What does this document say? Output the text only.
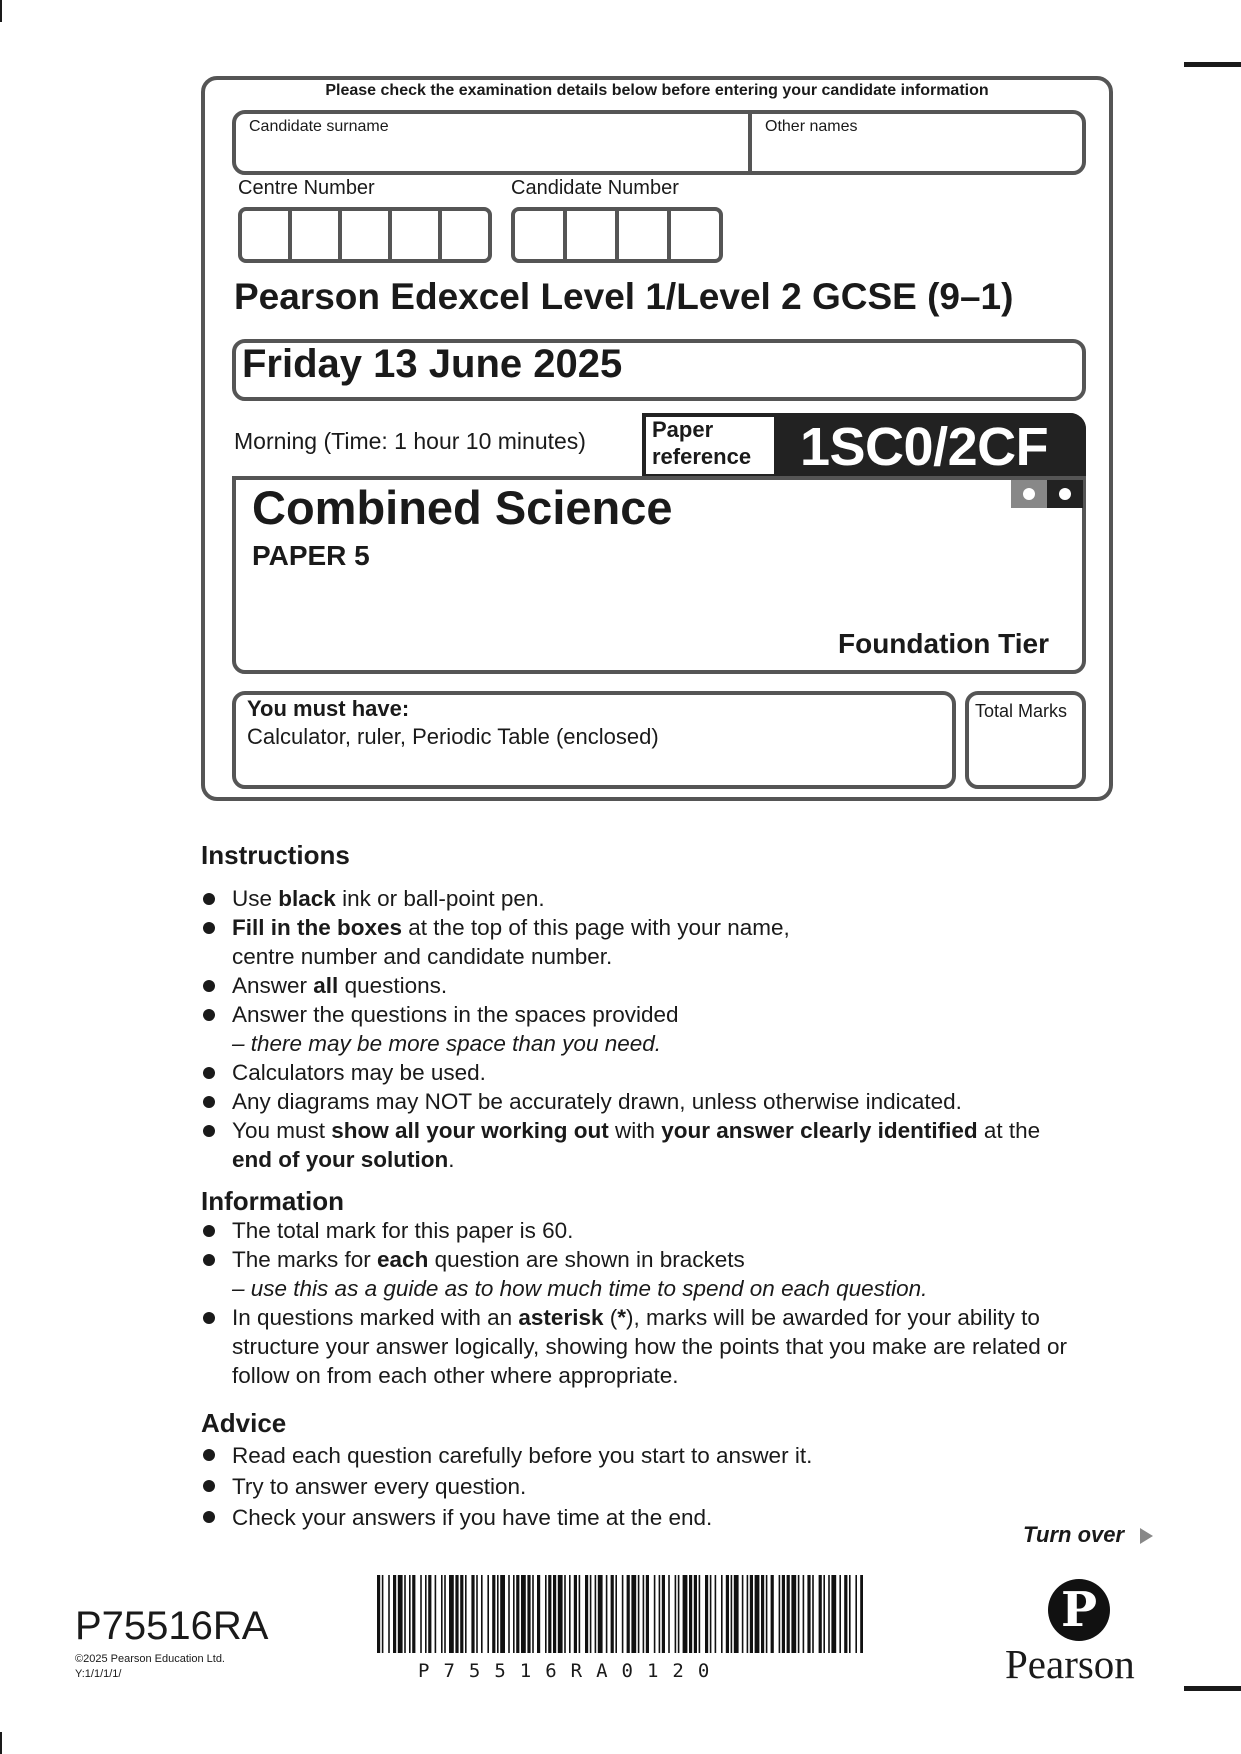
Please check the examination details below before entering your candidate information
Candidate surname	Other names
Centre Number	Candidate Number
Pearson Edexcel Level 1/Level 2 GCSE (9–1)
Friday 13 June 2025
Morning (Time: 1 hour 10 minutes)	Paper
reference 1SC0/2CF
Combined Science
PAPER 5
Foundation Tier
You must have:
Calculator, ruler, Periodic Table (enclosed)
Total Marks
Instructions
Use black ink or ball-point pen.
Fill in the boxes at the top of this page with your name,
centre number and candidate number.
Answer all questions.
Answer the questions in the spaces provided
– there may be more space than you need.
Calculators may be used.
Any diagrams may NOT be accurately drawn, unless otherwise indicated.
You must show all your working out with your answer clearly identified at the
end of your solution.
Information
The total mark for this paper is 60.
The marks for each question are shown in brackets
– use this as a guide as to how much time to spend on each question.
In questions marked with an asterisk (*), marks will be awarded for your ability to structure your answer logically, showing how the points that you make are related or follow on from each other where appropriate.
Advice
Read each question carefully before you start to answer it.
Try to answer every question.
Check your answers if you have time at the end.
Turn over
P75516RA
©2025 Pearson Education Ltd.
Y:1/1/1/1/	P75516RA0120
P
Pearson
